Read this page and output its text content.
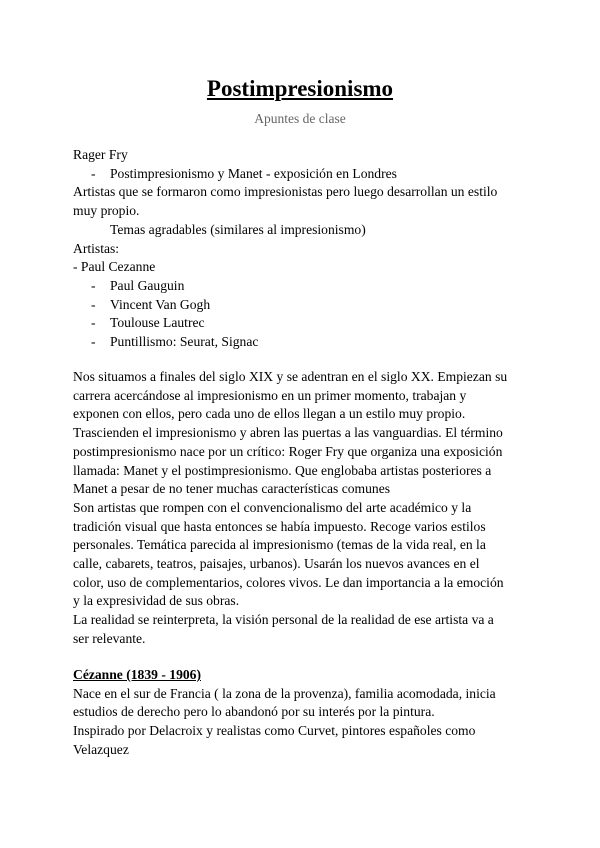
Postimpresionismo
Apuntes de clase
Rager Fry
- Postimpresionismo y Manet - exposición en Londres
Artistas que se formaron como impresionistas pero luego desarrollan un estilo
muy propio.
Temas agradables (similares al impresionismo)
Artistas:
- Paul Cezanne
- Paul Gauguin
- Vincent Van Gogh
- Toulouse Lautrec
- Puntillismo: Seurat, Signac
Nos situamos a finales del siglo XIX y se adentran en el siglo XX. Empiezan su
carrera acercándose al impresionismo en un primer momento, trabajan y
exponen con ellos, pero cada uno de ellos llegan a un estilo muy propio.
Trascienden el impresionismo y abren las puertas a las vanguardias. El término
postimpresionismo nace por un crítico: Roger Fry que organiza una exposición
llamada: Manet y el postimpresionismo. Que englobaba artistas posteriores a
Manet a pesar de no tener muchas características comunes
Son artistas que rompen con el convencionalismo del arte académico y la
tradición visual que hasta entonces se había impuesto. Recoge varios estilos
personales. Temática parecida al impresionismo (temas de la vida real, en la
calle, cabarets, teatros, paisajes, urbanos). Usarán los nuevos avances en el
color, uso de complementarios, colores vivos. Le dan importancia a la emoción
y la expresividad de sus obras.
La realidad se reinterpreta, la visión personal de la realidad de ese artista va a
ser relevante.
Cézanne (1839 - 1906)
Nace en el sur de Francia ( la zona de la provenza), familia acomodada, inicia
estudios de derecho pero lo abandonó por su interés por la pintura.
Inspirado por Delacroix y realistas como Curvet, pintores españoles como
Velazquez
